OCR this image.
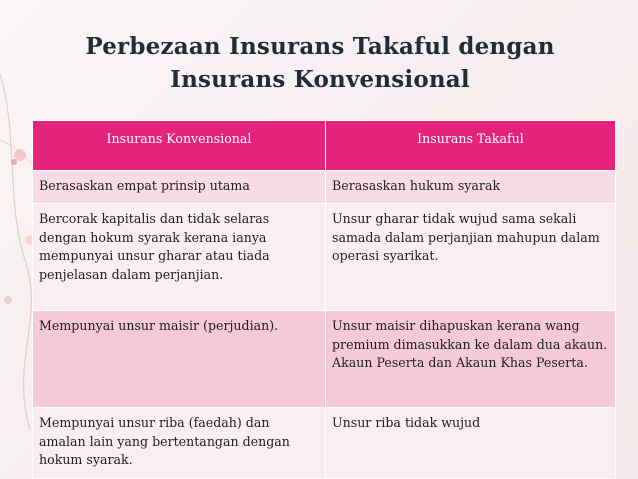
Perbezaan Insurans Takaful dengan
Insurans Konvensional
Insurans Konvensional	Insurans Takaful
Berasaskan empat prinsip utama	Berasaskan hukum syarak
Bercorak kapitalis dan tidak selaras dengan hokum syarak kerana ianya mempunyai unsur gharar atau tiada penjelasan dalam perjanjian.	Unsur gharar tidak wujud sama sekali samada dalam perjanjian mahupun dalam operasi syarikat.
Mempunyai unsur maisir (perjudian).	Unsur maisir dihapuskan kerana wang premium dimasukkan ke dalam dua akaun. Akaun Peserta dan Akaun Khas Peserta.
Mempunyai unsur riba (faedah) dan amalan lain yang bertentangan dengan hokum syarak.	Unsur riba tidak wujud
